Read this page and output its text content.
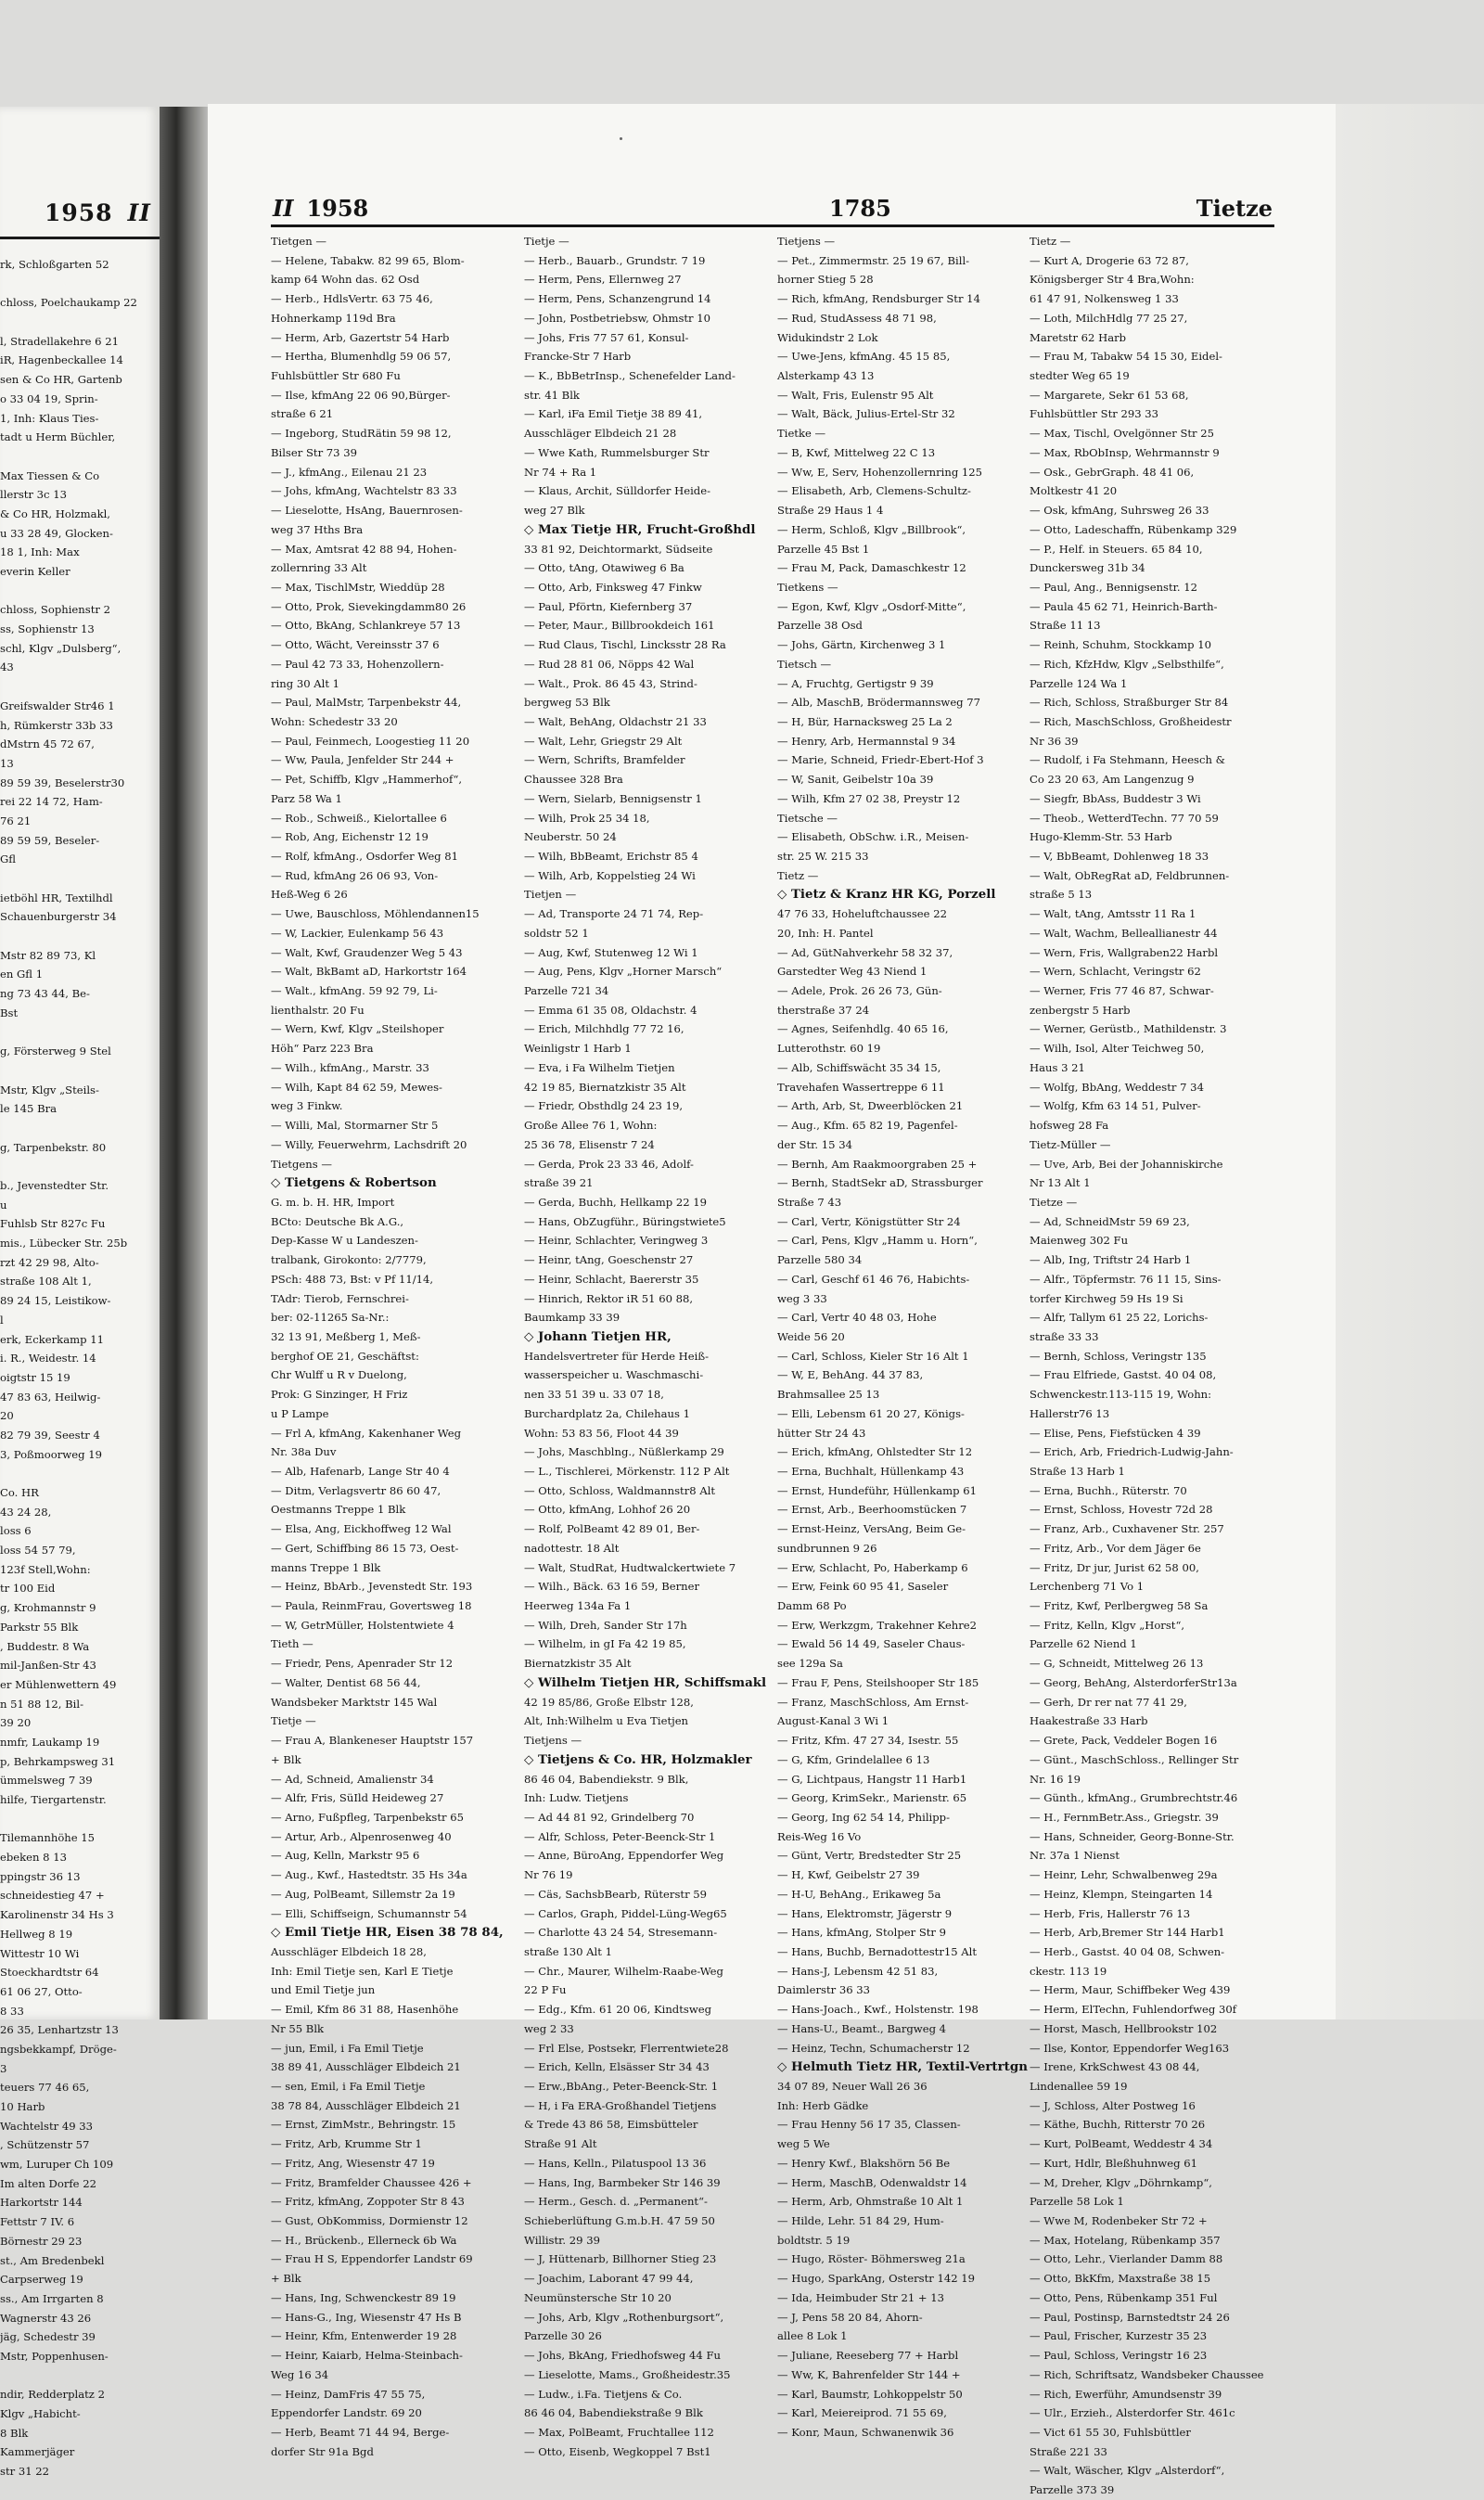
1958 II
rk, Schloßgarten 52
chloss, Poelchaukamp 22
l, Stradellakehre 6 21
iR, Hagenbeckallee 14
sen & Co HR, Gartenb
o 33 04 19, Sprin-
1, Inh: Klaus Ties-
tadt u Herm Büchler,
Max Tiessen & Co
llerstr 3c 13
& Co HR, Holzmakl,
u 33 28 49, Glocken-
18 1, Inh: Max
everin Keller
chloss, Sophienstr 2
ss, Sophienstr 13
schl, Klgv „Dulsberg“,
43
Greifswalder Str46 1
h, Rümkerstr 33b 33
dMstrn 45 72 67,
13
89 59 39, Beselerstr30
rei 22 14 72, Ham-
76 21
89 59 59, Beseler-
Gfl
ietböhl HR, Textilhdl
Schauenburgerstr 34
Mstr 82 89 73, Kl
en Gfl 1
ng 73 43 44, Be-
Bst
g, Försterweg 9 Stel
Mstr, Klgv „Steils-
le 145 Bra
g, Tarpenbekstr. 80
b., Jevenstedter Str.
u
Fuhlsb Str 827c Fu
mis., Lübecker Str. 25b
rzt 42 29 98, Alto-
straße 108 Alt 1,
89 24 15, Leistikow-
l
erk, Eckerkamp 11
i. R., Weidestr. 14
oigtstr 15 19
47 83 63, Heilwig-
20
82 79 39, Seestr 4
3, Poßmoorweg 19
Co. HR
43 24 28,
loss 6
loss 54 57 79,
123f Stell,Wohn:
tr 100 Eid
g, Krohmannstr 9
Parkstr 55 Blk
, Buddestr. 8 Wa
mil-Janßen-Str 43
er Mühlenwettern 49
n 51 88 12, Bil-
39 20
nmfr, Laukamp 19
p, Behrkampsweg 31
ümmelsweg 7 39
hilfe, Tiergartenstr.
Tilemannhöhe 15
ebeken 8 13
ppingstr 36 13
schneidestieg 47 +
Karolinenstr 34 Hs 3
Hellweg 8 19
Wittestr 10 Wi
Stoeckhardtstr 64
61 06 27, Otto-
8 33
26 35, Lenhartzstr 13
ngsbekkampf, Dröge-
3
teuers 77 46 65,
10 Harb
Wachtelstr 49 33
, Schützenstr 57
wm, Luruper Ch 109
Im alten Dorfe 22
Harkortstr 144
Fettstr 7 IV. 6
Börnestr 29 23
st., Am Bredenbekl
Carpserweg 19
ss., Am Irrgarten 8
Wagnerstr 43 26
jäg, Schedestr 39
Mstr, Poppenhusen-
ndir, Redderplatz 2
Klgv „Habicht-
8 Blk
Kammerjäger
str 31 22
II 1958	1785	Tietze
Tietgen —
— Helene, Tabakw. 82 99 65, Blom-
kamp 64 Wohn das. 62 Osd
— Herb., HdlsVertr. 63 75 46,
Hohnerkamp 119d Bra
— Herm, Arb, Gazertstr 54 Harb
— Hertha, Blumenhdlg 59 06 57,
Fuhlsbüttler Str 680 Fu
— Ilse, kfmAng 22 06 90,Bürger-
straße 6 21
— Ingeborg, StudRätin 59 98 12,
Bilser Str 73 39
— J., kfmAng., Eilenau 21 23
— Johs, kfmAng, Wachtelstr 83 33
— Lieselotte, HsAng, Bauernrosen-
weg 37 Hths Bra
— Max, Amtsrat 42 88 94, Hohen-
zollernring 33 Alt
— Max, TischlMstr, Wieddüp 28
— Otto, Prok, Sievekingdamm80 26
— Otto, BkAng, Schlankreye 57 13
— Otto, Wächt, Vereinsstr 37 6
— Paul 42 73 33, Hohenzollern-
ring 30 Alt 1
— Paul, MalMstr, Tarpenbekstr 44,
Wohn: Schedestr 33 20
— Paul, Feinmech, Loogestieg 11 20
— Ww, Paula, Jenfelder Str 244 +
— Pet, Schiffb, Klgv „Hammerhof“,
Parz 58 Wa 1
— Rob., Schweiß., Kielortallee 6
— Rob, Ang, Eichenstr 12 19
— Rolf, kfmAng., Osdorfer Weg 81
— Rud, kfmAng 26 06 93, Von-
Heß-Weg 6 26
— Uwe, Bauschloss, Möhlendannen15
— W, Lackier, Eulenkamp 56 43
— Walt, Kwf, Graudenzer Weg 5 43
— Walt, BkBamt aD, Harkortstr 164
— Walt., kfmAng. 59 92 79, Li-
lienthalstr. 20 Fu
— Wern, Kwf, Klgv „Steilshoper
Höh“ Parz 223 Bra
— Wilh., kfmAng., Marstr. 33
— Wilh, Kapt 84 62 59, Mewes-
weg 3 Finkw.
— Willi, Mal, Stormarner Str 5
— Willy, Feuerwehrm, Lachsdrift 20
Tietgens —
◇ Tietgens & Robertson
G. m. b. H. HR, Import
BCto: Deutsche Bk A.G.,
Dep-Kasse W u Landeszen-
tralbank, Girokonto: 2/7779,
PSch: 488 73, Bst: v Pf 11/14,
TAdr: Tierob, Fernschrei-
ber: 02-11265 Sa-Nr.:
32 13 91, Meßberg 1, Meß-
berghof OE 21, Geschäftst:
Chr Wulff u R v Duelong,
Prok: G Sinzinger, H Friz
u P Lampe
— Frl A, kfmAng, Kakenhaner Weg
Nr. 38a Duv
— Alb, Hafenarb, Lange Str 40 4
— Ditm, Verlagsvertr 86 60 47,
Oestmanns Treppe 1 Blk
— Elsa, Ang, Eickhoffweg 12 Wal
— Gert, Schiffbing 86 15 73, Oest-
manns Treppe 1 Blk
— Heinz, BbArb., Jevenstedt Str. 193
— Paula, ReinmFrau, Govertsweg 18
— W, GetrMüller, Holstentwiete 4
Tieth —
— Friedr, Pens, Apenrader Str 12
— Walter, Dentist 68 56 44,
Wandsbeker Marktstr 145 Wal
Tietje —
— Frau A, Blankeneser Hauptstr 157
+ Blk
— Ad, Schneid, Amalienstr 34
— Alfr, Fris, SüIld Heideweg 27
— Arno, Fußpfleg, Tarpenbekstr 65
— Artur, Arb., Alpenrosenweg 40
— Aug, Kelln, Markstr 95 6
— Aug., Kwf., Hastedtstr. 35 Hs 34a
— Aug, PolBeamt, Sillemstr 2a 19
— Elli, Schiffseign, Schumannstr 54
◇ Emil Tietje HR, Eisen 38 78 84,
Ausschläger Elbdeich 18 28,
Inh: Emil Tietje sen, Karl E Tietje
und Emil Tietje jun
— Emil, Kfm 86 31 88, Hasenhöhe
Nr 55 Blk
— jun, Emil, i Fa Emil Tietje
38 89 41, Ausschläger Elbdeich 21
— sen, Emil, i Fa Emil Tietje
38 78 84, Ausschläger Elbdeich 21
— Ernst, ZimMstr., Behringstr. 15
— Fritz, Arb, Krumme Str 1
— Fritz, Ang, Wiesenstr 47 19
— Fritz, Bramfelder Chaussee 426 +
— Fritz, kfmAng, Zoppoter Str 8 43
— Gust, ObKommiss, Dormienstr 12
— H., Brückenb., Ellerneck 6b Wa
— Frau H S, Eppendorfer Landstr 69
+ Blk
— Hans, Ing, Schwenckestr 89 19
— Hans-G., Ing, Wiesenstr 47 Hs B
— Heinr, Kfm, Entenwerder 19 28
— Heinr, Kaiarb, Helma-Steinbach-
Weg 16 34
— Heinz, DamFris 47 55 75,
Eppendorfer Landstr. 69 20
— Herb, Beamt 71 44 94, Berge-
dorfer Str 91a Bgd
Tietje —
— Herb., Bauarb., Grundstr. 7 19
— Herm, Pens, Ellernweg 27
— Herm, Pens, Schanzengrund 14
— John, Postbetriebsw, Ohmstr 10
— Johs, Fris 77 57 61, Konsul-
Francke-Str 7 Harb
— K., BbBetrInsp., Schenefelder Land-
str. 41 Blk
— Karl, iFa Emil Tietje 38 89 41,
Ausschläger Elbdeich 21 28
— Wwe Kath, Rummelsburger Str
Nr 74 + Ra 1
— Klaus, Archit, Sülldorfer Heide-
weg 27 Blk
◇ Max Tietje HR, Frucht-Großhdl
33 81 92, Deichtormarkt, Südseite
— Otto, tAng, Otawiweg 6 Ba
— Otto, Arb, Finksweg 47 Finkw
— Paul, Pförtn, Kiefernberg 37
— Peter, Maur., Billbrookdeich 161
— Rud Claus, Tischl, Lincksstr 28 Ra
— Rud 28 81 06, Nöpps 42 Wal
— Walt., Prok. 86 45 43, Strind-
bergweg 53 Blk
— Walt, BehAng, Oldachstr 21 33
— Walt, Lehr, Griegstr 29 Alt
— Wern, Schrifts, Bramfelder
Chaussee 328 Bra
— Wern, Sielarb, Bennigsenstr 1
— Wilh, Prok 25 34 18,
Neuberstr. 50 24
— Wilh, BbBeamt, Erichstr 85 4
— Wilh, Arb, Koppelstieg 24 Wi
Tietjen —
— Ad, Transporte 24 71 74, Rep-
soldstr 52 1
— Aug, Kwf, Stutenweg 12 Wi 1
— Aug, Pens, Klgv „Horner Marsch“
Parzelle 721 34
— Emma 61 35 08, Oldachstr. 4
— Erich, Milchhdlg 77 72 16,
Weinligstr 1 Harb 1
— Eva, i Fa Wilhelm Tietjen
42 19 85, Biernatzkistr 35 Alt
— Friedr, Obsthdlg 24 23 19,
Große Allee 76 1, Wohn:
25 36 78, Elisenstr 7 24
— Gerda, Prok 23 33 46, Adolf-
straße 39 21
— Gerda, Buchh, Hellkamp 22 19
— Hans, ObZugführ., Büringstwiete5
— Heinr, Schlachter, Veringweg 3
— Heinr, tAng, Goeschenstr 27
— Heinr, Schlacht, Baererstr 35
— Hinrich, Rektor iR 51 60 88,
Baumkamp 33 39
◇ Johann Tietjen HR,
Handelsvertreter für Herde Heiß-
wasserspeicher u. Waschmaschi-
nen 33 51 39 u. 33 07 18,
Burchardplatz 2a, Chilehaus 1
Wohn: 53 83 56, Floot 44 39
— Johs, Maschblng., Nüßlerkamp 29
— L., Tischlerei, Mörkenstr. 112 P Alt
— Otto, Schloss, Waldmannstr8 Alt
— Otto, kfmAng, Lohhof 26 20
— Rolf, PolBeamt 42 89 01, Ber-
nadottestr. 18 Alt
— Walt, StudRat, Hudtwalckertwiete 7
— Wilh., Bäck. 63 16 59, Berner
Heerweg 134a Fa 1
— Wilh, Dreh, Sander Str 17h
— Wilhelm, in gI Fa 42 19 85,
Biernatzkistr 35 Alt
◇ Wilhelm Tietjen HR, Schiffsmakl
42 19 85/86, Große Elbstr 128,
Alt, Inh:Wilhelm u Eva Tietjen
Tietjens —
◇ Tietjens & Co. HR, Holzmakler
86 46 04, Babendiekstr. 9 Blk,
Inh: Ludw. Tietjens
— Ad 44 81 92, Grindelberg 70
— Alfr, Schloss, Peter-Beenck-Str 1
— Anne, BüroAng, Eppendorfer Weg
Nr 76 19
— Cäs, SachsbBearb, Rüterstr 59
— Carlos, Graph, Piddel-Lüng-Weg65
— Charlotte 43 24 54, Stresemann-
straße 130 Alt 1
— Chr., Maurer, Wilhelm-Raabe-Weg
22 P Fu
— Edg., Kfm. 61 20 06, Kindtsweg
weg 2 33
— Frl Else, Postsekr, Flerrentwiete28
— Erich, Kelln, Elsässer Str 34 43
— Erw.,BbAng., Peter-Beenck-Str. 1
— H, i Fa ERA-Großhandel Tietjens
& Trede 43 86 58, Eimsbütteler
Straße 91 Alt
— Hans, Kelln., Pilatuspool 13 36
— Hans, Ing, Barmbeker Str 146 39
— Herm., Gesch. d. „Permanent“-
Schieberlüftung G.m.b.H. 47 59 50
Willistr. 29 39
— J, Hüttenarb, Billhorner Stieg 23
— Joachim, Laborant 47 99 44,
Neumünstersche Str 10 20
— Johs, Arb, Klgv „Rothenburgsort“,
Parzelle 30 26
— Johs, BkAng, Friedhofsweg 44 Fu
— Lieselotte, Mams., Großheidestr.35
— Ludw., i.Fa. Tietjens & Co.
86 46 04, Babendiekstraße 9 Blk
— Max, PolBeamt, Fruchtallee 112
— Otto, Eisenb, Wegkoppel 7 Bst1
Tietjens —
— Pet., Zimmermstr. 25 19 67, Bill-
horner Stieg 5 28
— Rich, kfmAng, Rendsburger Str 14
— Rud, StudAssess 48 71 98,
Widukindstr 2 Lok
— Uwe-Jens, kfmAng. 45 15 85,
Alsterkamp 43 13
— Walt, Fris, Eulenstr 95 Alt
— Walt, Bäck, Julius-Ertel-Str 32
Tietke —
— B, Kwf, Mittelweg 22 C 13
— Ww, E, Serv, Hohenzollernring 125
— Elisabeth, Arb, Clemens-Schultz-
Straße 29 Haus 1 4
— Herm, Schloß, Klgv „Billbrook“,
Parzelle 45 Bst 1
— Frau M, Pack, Damaschkestr 12
Tietkens —
— Egon, Kwf, Klgv „Osdorf-Mitte“,
Parzelle 38 Osd
— Johs, Gärtn, Kirchenweg 3 1
Tietsch —
— A, Fruchtg, Gertigstr 9 39
— Alb, MaschB, Brödermannsweg 77
— H, Bür, Harnacksweg 25 La 2
— Henry, Arb, Hermannstal 9 34
— Marie, Schneid, Friedr-Ebert-Hof 3
— W, Sanit, Geibelstr 10a 39
— Wilh, Kfm 27 02 38, Preystr 12
Tietsche —
— Elisabeth, ObSchw. i.R., Meisen-
str. 25 W. 215 33
Tietz —
◇ Tietz & Kranz HR KG, Porzell
47 76 33, Hoheluftchaussee 22
20, Inh: H. Pantel
— Ad, GütNahverkehr 58 32 37,
Garstedter Weg 43 Niend 1
— Adele, Prok. 26 26 73, Gün-
therstraße 37 24
— Agnes, Seifenhdlg. 40 65 16,
Lutterothstr. 60 19
— Alb, Schiffswächt 35 34 15,
Travehafen Wassertreppe 6 11
— Arth, Arb, St, Dweerblöcken 21
— Aug., Kfm. 65 82 19, Pagenfel-
der Str. 15 34
— Bernh, Am Raakmoorgraben 25 +
— Bernh, StadtSekr aD, Strassburger
Straße 7 43
— Carl, Vertr, Königstütter Str 24
— Carl, Pens, Klgv „Hamm u. Horn“,
Parzelle 580 34
— Carl, Geschf 61 46 76, Habichts-
weg 3 33
— Carl, Vertr 40 48 03, Hohe
Weide 56 20
— Carl, Schloss, Kieler Str 16 Alt 1
— W, E, BehAng. 44 37 83,
Brahmsallee 25 13
— Elli, Lebensm 61 20 27, Königs-
hütter Str 24 43
— Erich, kfmAng, Ohlstedter Str 12
— Erna, Buchhalt, Hüllenkamp 43
— Ernst, Hundeführ, Hüllenkamp 61
— Ernst, Arb., Beerhoomstücken 7
— Ernst-Heinz, VersAng, Beim Ge-
sundbrunnen 9 26
— Erw, Schlacht, Po, Haberkamp 6
— Erw, Feink 60 95 41, Saseler
Damm 68 Po
— Erw, Werkzgm, Trakehner Kehre2
— Ewald 56 14 49, Saseler Chaus-
see 129a Sa
— Frau F, Pens, Steilshooper Str 185
— Franz, MaschSchloss, Am Ernst-
August-Kanal 3 Wi 1
— Fritz, Kfm. 47 27 34, Isestr. 55
— G, Kfm, Grindelallee 6 13
— G, Lichtpaus, Hangstr 11 Harb1
— Georg, KrimSekr., Marienstr. 65
— Georg, Ing 62 54 14, Philipp-
Reis-Weg 16 Vo
— Günt, Vertr, Bredstedter Str 25
— H, Kwf, Geibelstr 27 39
— H-U, BehAng., Erikaweg 5a
— Hans, Elektromstr, Jägerstr 9
— Hans, kfmAng, Stolper Str 9
— Hans, Buchb, Bernadottestr15 Alt
— Hans-J, Lebensm 42 51 83,
Daimlerstr 36 33
— Hans-Joach., Kwf., Holstenstr. 198
— Hans-U., Beamt., Bargweg 4
— Heinz, Techn, Schumacherstr 12
◇ Helmuth Tietz HR, Textil-Vertrtgn
34 07 89, Neuer Wall 26 36
Inh: Herb Gädke
— Frau Henny 56 17 35, Classen-
weg 5 We
— Henry Kwf., Blakshörn 56 Be
— Herm, MaschB, Odenwaldstr 14
— Herm, Arb, Ohmstraße 10 Alt 1
— Hilde, Lehr. 51 84 29, Hum-
boldtstr. 5 19
— Hugo, Röster- Böhmersweg 21a
— Hugo, SparkAng, Osterstr 142 19
— Ida, Heimbuder Str 21 + 13
— J, Pens 58 20 84, Ahorn-
allee 8 Lok 1
— Juliane, Reeseberg 77 + Harbl
— Ww, K, Bahrenfelder Str 144 +
— Karl, Baumstr, Lohkoppelstr 50
— Karl, Meiereiprod. 71 55 69,
— Konr, Maun, Schwanenwik 36
Tietz —
— Kurt A, Drogerie 63 72 87,
Königsberger Str 4 Bra,Wohn:
61 47 91, Nolkensweg 1 33
— Loth, MilchHdlg 77 25 27,
Maretstr 62 Harb
— Frau M, Tabakw 54 15 30, Eidel-
stedter Weg 65 19
— Margarete, Sekr 61 53 68,
Fuhlsbüttler Str 293 33
— Max, Tischl, Ovelgönner Str 25
— Max, RbObInsp, Wehrmannstr 9
— Osk., GebrGraph. 48 41 06,
Moltkestr 41 20
— Osk, kfmAng, Suhrsweg 26 33
— Otto, Ladeschaffn, Rübenkamp 329
— P., Helf. in Steuers. 65 84 10,
Dunckersweg 31b 34
— Paul, Ang., Bennigsenstr. 12
— Paula 45 62 71, Heinrich-Barth-
Straße 11 13
— Reinh, Schuhm, Stockkamp 10
— Rich, KfzHdw, Klgv „Selbsthilfe“,
Parzelle 124 Wa 1
— Rich, Schloss, Straßburger Str 84
— Rich, MaschSchloss, Großheidestr
Nr 36 39
— Rudolf, i Fa Stehmann, Heesch &
Co 23 20 63, Am Langenzug 9
— Siegfr, BbAss, Buddestr 3 Wi
— Theob., WetterdTechn. 77 70 59
Hugo-Klemm-Str. 53 Harb
— V, BbBeamt, Dohlenweg 18 33
— Walt, ObRegRat aD, Feldbrunnen-
straße 5 13
— Walt, tAng, Amtsstr 11 Ra 1
— Walt, Wachm, Belleallianestr 44
— Wern, Fris, Wallgraben22 Harbl
— Wern, Schlacht, Veringstr 62
— Werner, Fris 77 46 87, Schwar-
zenbergstr 5 Harb
— Werner, Gerüstb., Mathildenstr. 3
— Wilh, Isol, Alter Teichweg 50,
Haus 3 21
— Wolfg, BbAng, Weddestr 7 34
— Wolfg, Kfm 63 14 51, Pulver-
hofsweg 28 Fa
Tietz-Müller —
— Uve, Arb, Bei der Johanniskirche
Nr 13 Alt 1
Tietze —
— Ad, SchneidMstr 59 69 23,
Maienweg 302 Fu
— Alb, Ing, Triftstr 24 Harb 1
— Alfr., Töpfermstr. 76 11 15, Sins-
torfer Kirchweg 59 Hs 19 Si
— Alfr, Tallym 61 25 22, Lorichs-
straße 33 33
— Bernh, Schloss, Veringstr 135
— Frau Elfriede, Gastst. 40 04 08,
Schwenckestr.113-115 19, Wohn:
Hallerstr76 13
— Elise, Pens, Fiefstücken 4 39
— Erich, Arb, Friedrich-Ludwig-Jahn-
Straße 13 Harb 1
— Erna, Buchh., Rüterstr. 70
— Ernst, Schloss, Hovestr 72d 28
— Franz, Arb., Cuxhavener Str. 257
— Fritz, Arb., Vor dem Jäger 6e
— Fritz, Dr jur, Jurist 62 58 00,
Lerchenberg 71 Vo 1
— Fritz, Kwf, Perlbergweg 58 Sa
— Fritz, Kelln, Klgv „Horst“,
Parzelle 62 Niend 1
— G, Schneidt, Mittelweg 26 13
— Georg, BehAng, AlsterdorferStr13a
— Gerh, Dr rer nat 77 41 29,
Haakestraße 33 Harb
— Grete, Pack, Veddeler Bogen 16
— Günt., MaschSchloss., Rellinger Str
Nr. 16 19
— Günth., kfmAng., Grumbrechtstr.46
— H., FernmBetr.Ass., Griegstr. 39
— Hans, Schneider, Georg-Bonne-Str.
Nr. 37a 1 Nienst
— Heinr, Lehr, Schwalbenweg 29a
— Heinz, Klempn, Steingarten 14
— Herb, Fris, Hallerstr 76 13
— Herb, Arb,Bremer Str 144 Harb1
— Herb., Gastst. 40 04 08, Schwen-
ckestr. 113 19
— Herm, Maur, Schiffbeker Weg 439
— Herm, ElTechn, Fuhlendorfweg 30f
— Horst, Masch, Hellbrookstr 102
— Ilse, Kontor, Eppendorfer Weg163
— Irene, KrkSchwest 43 08 44,
Lindenallee 59 19
— J, Schloss, Alter Postweg 16
— Käthe, Buchh, Ritterstr 70 26
— Kurt, PolBeamt, Weddestr 4 34
— Kurt, Hdlr, Bleßhuhnweg 61
— M, Dreher, Klgv „Döhrnkamp“,
Parzelle 58 Lok 1
— Wwe M, Rodenbeker Str 72 +
— Max, Hotelang, Rübenkamp 357
— Otto, Lehr., Vierlander Damm 88
— Otto, BkKfm, Maxstraße 38 15
— Otto, Pens, Rübenkamp 351 Ful
— Paul, Postinsp, Barnstedtstr 24 26
— Paul, Frischer, Kurzestr 35 23
— Paul, Schloss, Veringstr 16 23
— Rich, Schriftsatz, Wandsbeker Chaussee
— Rich, Ewerführ, Amundsenstr 39
— Ulr., Erzieh., Alsterdorfer Str. 461c
— Vict 61 55 30, Fuhlsbüttler
Straße 221 33
— Walt, Wäscher, Klgv „Alsterdorf“,
Parzelle 373 39
